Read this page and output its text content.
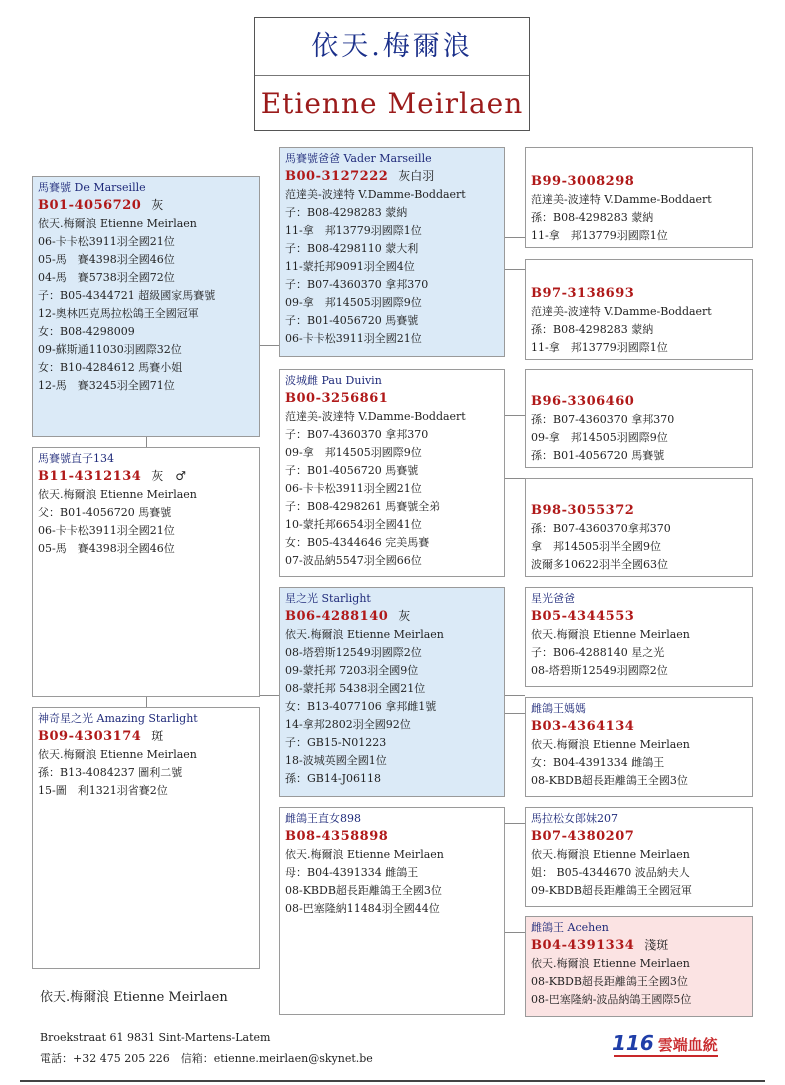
依天.梅爾浪
Etienne Meirlaen
馬賽號 De Marseille
B01-4056720 灰
依天.梅爾浪 Etienne Meirlaen
06-卡卡松3911羽全國21位
05-馬　賽4398羽全國46位
04-馬　賽5738羽全國72位
子：B05-4344721 超級國家馬賽號
12-奧林匹克馬拉松鴿王全國冠軍
女：B08-4298009
09-蘇斯通11030羽國際32位
女：B10-4284612 馬賽小姐
12-馬　賽3245羽全國71位
馬賽號直子134
B11-4312134 灰　♂
依天.梅爾浪 Etienne Meirlaen
父：B01-4056720 馬賽號
06-卡卡松3911羽全國21位
05-馬　賽4398羽全國46位
神奇星之光 Amazing Starlight
B09-4303174 斑
依天.梅爾浪 Etienne Meirlaen
孫：B13-4084237 圖利二號
15-圖　利1321羽省賽2位
馬賽號爸爸 Vader Marseille
B00-3127222 灰白羽
范達美-波達特 V.Damme-Boddaert
子：B08-4298283 蒙納
11-拿　邦13779羽國際1位
子：B08-4298110 蒙大利
11-蒙托邦9091羽全國4位
子：B07-4360370 拿邦370
09-拿　邦14505羽國際9位
子：B01-4056720 馬賽號
06-卡卡松3911羽全國21位
波城雌 Pau Duivin
B00-3256861
范達美-波達特 V.Damme-Boddaert
子：B07-4360370 拿邦370
09-拿　邦14505羽國際9位
子：B01-4056720 馬賽號
06-卡卡松3911羽全國21位
子：B08-4298261 馬賽號全弟
10-蒙托邦6654羽全國41位
女：B05-4344646 完美馬賽
07-波品納5547羽全國66位
星之光 Starlight
B06-4288140 灰
依天.梅爾浪 Etienne Meirlaen
08-塔碧斯12549羽國際2位
09-蒙托邦 7203羽全國9位
08-蒙托邦 5438羽全國21位
女：B13-4077106 拿邦雌1號
14-拿邦2802羽全國92位
子：GB15-N01223
18-波城英國全國1位
孫：GB14-J06118
雌鴿王直女898
B08-4358898
依天.梅爾浪 Etienne Meirlaen
母：B04-4391334 雌鴿王
08-KBDB超長距離鴿王全國3位
08-巴塞隆納11484羽全國44位
B99-3008298
范達美-波達特 V.Damme-Boddaert
孫：B08-4298283 蒙納
11-拿　邦13779羽國際1位
B97-3138693
范達美-波達特 V.Damme-Boddaert
孫：B08-4298283 蒙納
11-拿　邦13779羽國際1位
B96-3306460
孫：B07-4360370 拿邦370
09-拿　邦14505羽國際9位
孫：B01-4056720 馬賽號
B98-3055372
孫：B07-4360370拿邦370
拿　邦14505羽半全國9位
波爾多10622羽半全國63位
星光爸爸
B05-4344553
依天.梅爾浪 Etienne Meirlaen
子：B06-4288140 星之光
08-塔碧斯12549羽國際2位
雌鴿王媽媽
B03-4364134
依天.梅爾浪 Etienne Meirlaen
女：B04-4391334 雌鴿王
08-KBDB超長距離鴿王全國3位
馬拉松女郎妹207
B07-4380207
依天.梅爾浪 Etienne Meirlaen
姐： B05-4344670 波品納夫人
09-KBDB超長距離鴿王全國冠軍
雌鴿王 Acehen
B04-4391334 淺斑
依天.梅爾浪 Etienne Meirlaen
08-KBDB超長距離鴿王全國3位
08-巴塞隆納-波品納鴿王國際5位
依天.梅爾浪 Etienne Meirlaen
Broekstraat 61 9831 Sint-Martens-Latem
電話：+32 475 205 226　信箱：etienne.meirlaen@skynet.be
116 雲端血統
